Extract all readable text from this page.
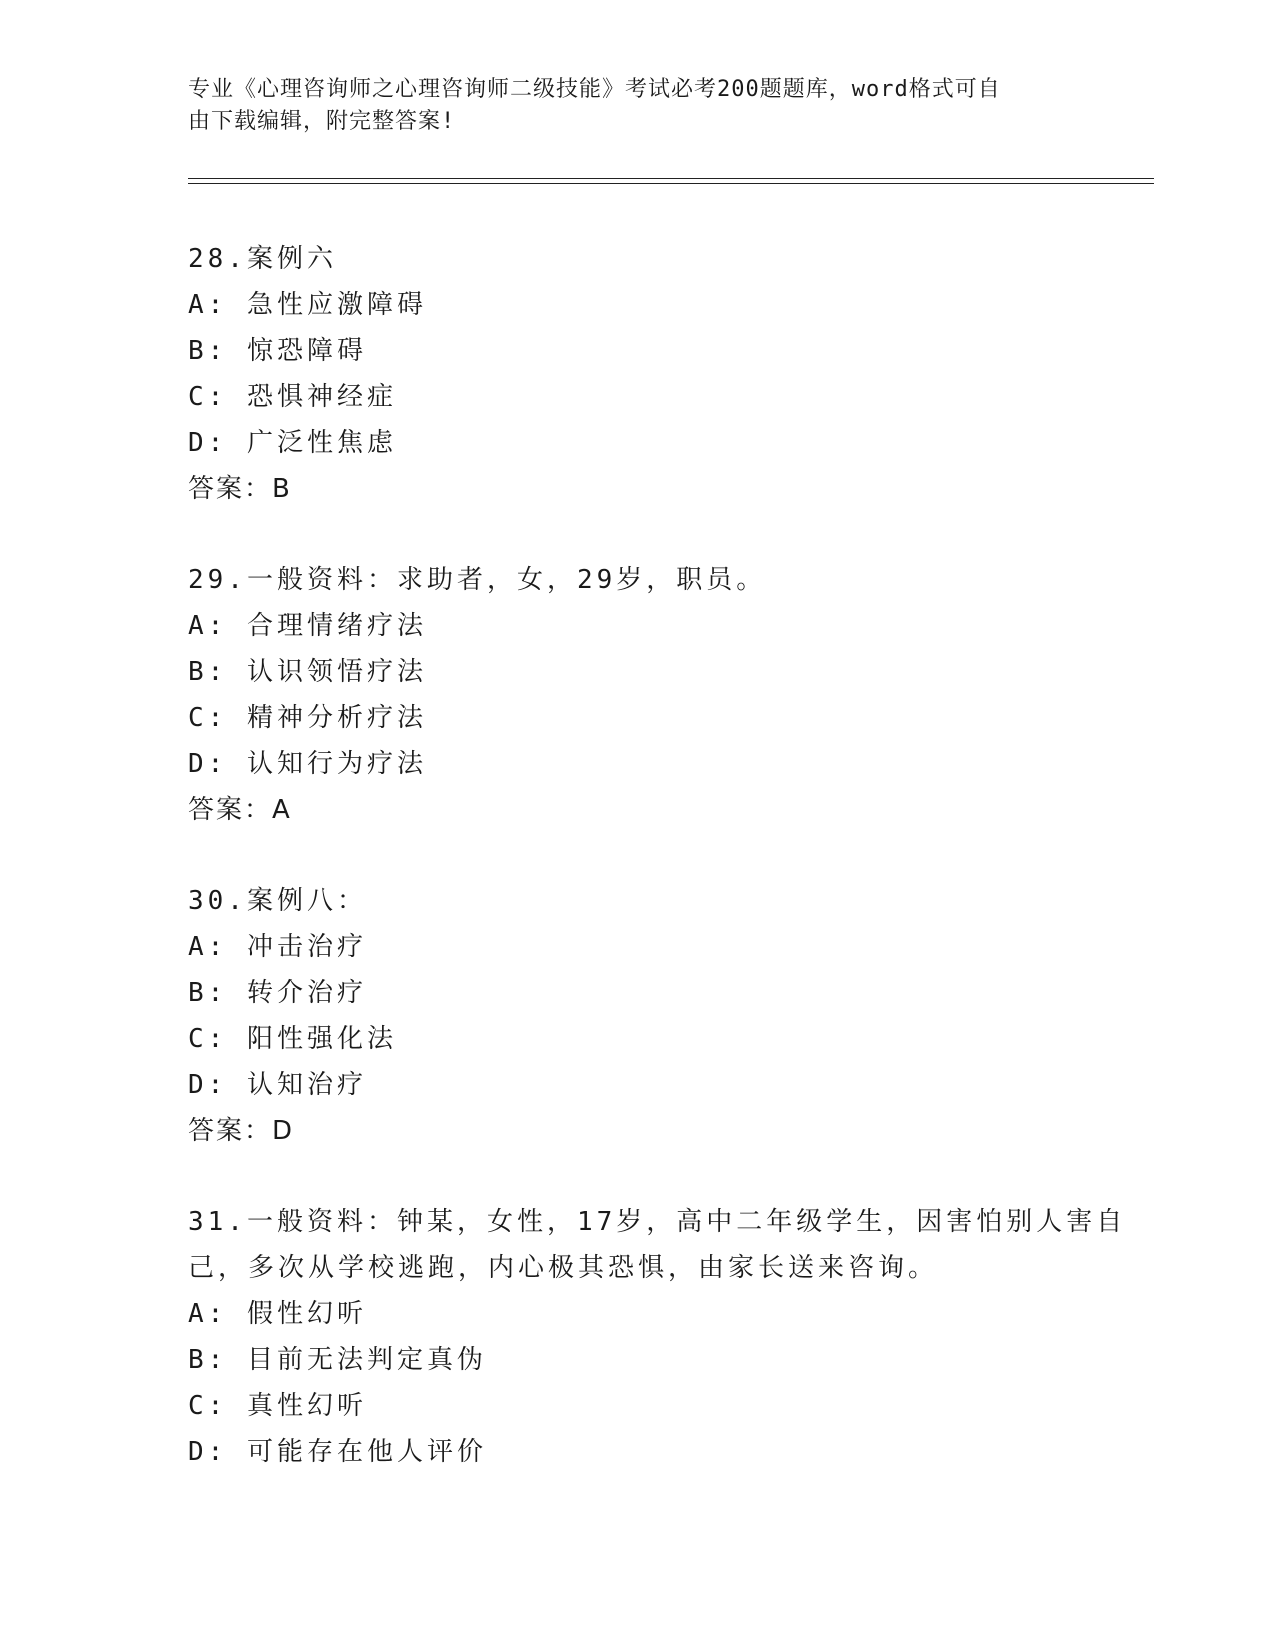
专业《心理咨询师之心理咨询师二级技能》考试必考200题题库，word格式可自
由下载编辑，附完整答案!
28.案例六
A: 急性应激障碍
B: 惊恐障碍
C: 恐惧神经症
D: 广泛性焦虑
答案：B
29.一般资料：求助者，女，29岁，职员。
A: 合理情绪疗法
B: 认识领悟疗法
C: 精神分析疗法
D: 认知行为疗法
答案：A
30.案例八：
A: 冲击治疗
B: 转介治疗
C: 阳性强化法
D: 认知治疗
答案：D
31.一般资料：钟某，女性，17岁，高中二年级学生，因害怕别人害自
己，多次从学校逃跑，内心极其恐惧，由家长送来咨询。
A: 假性幻听
B: 目前无法判定真伪
C: 真性幻听
D: 可能存在他人评价
